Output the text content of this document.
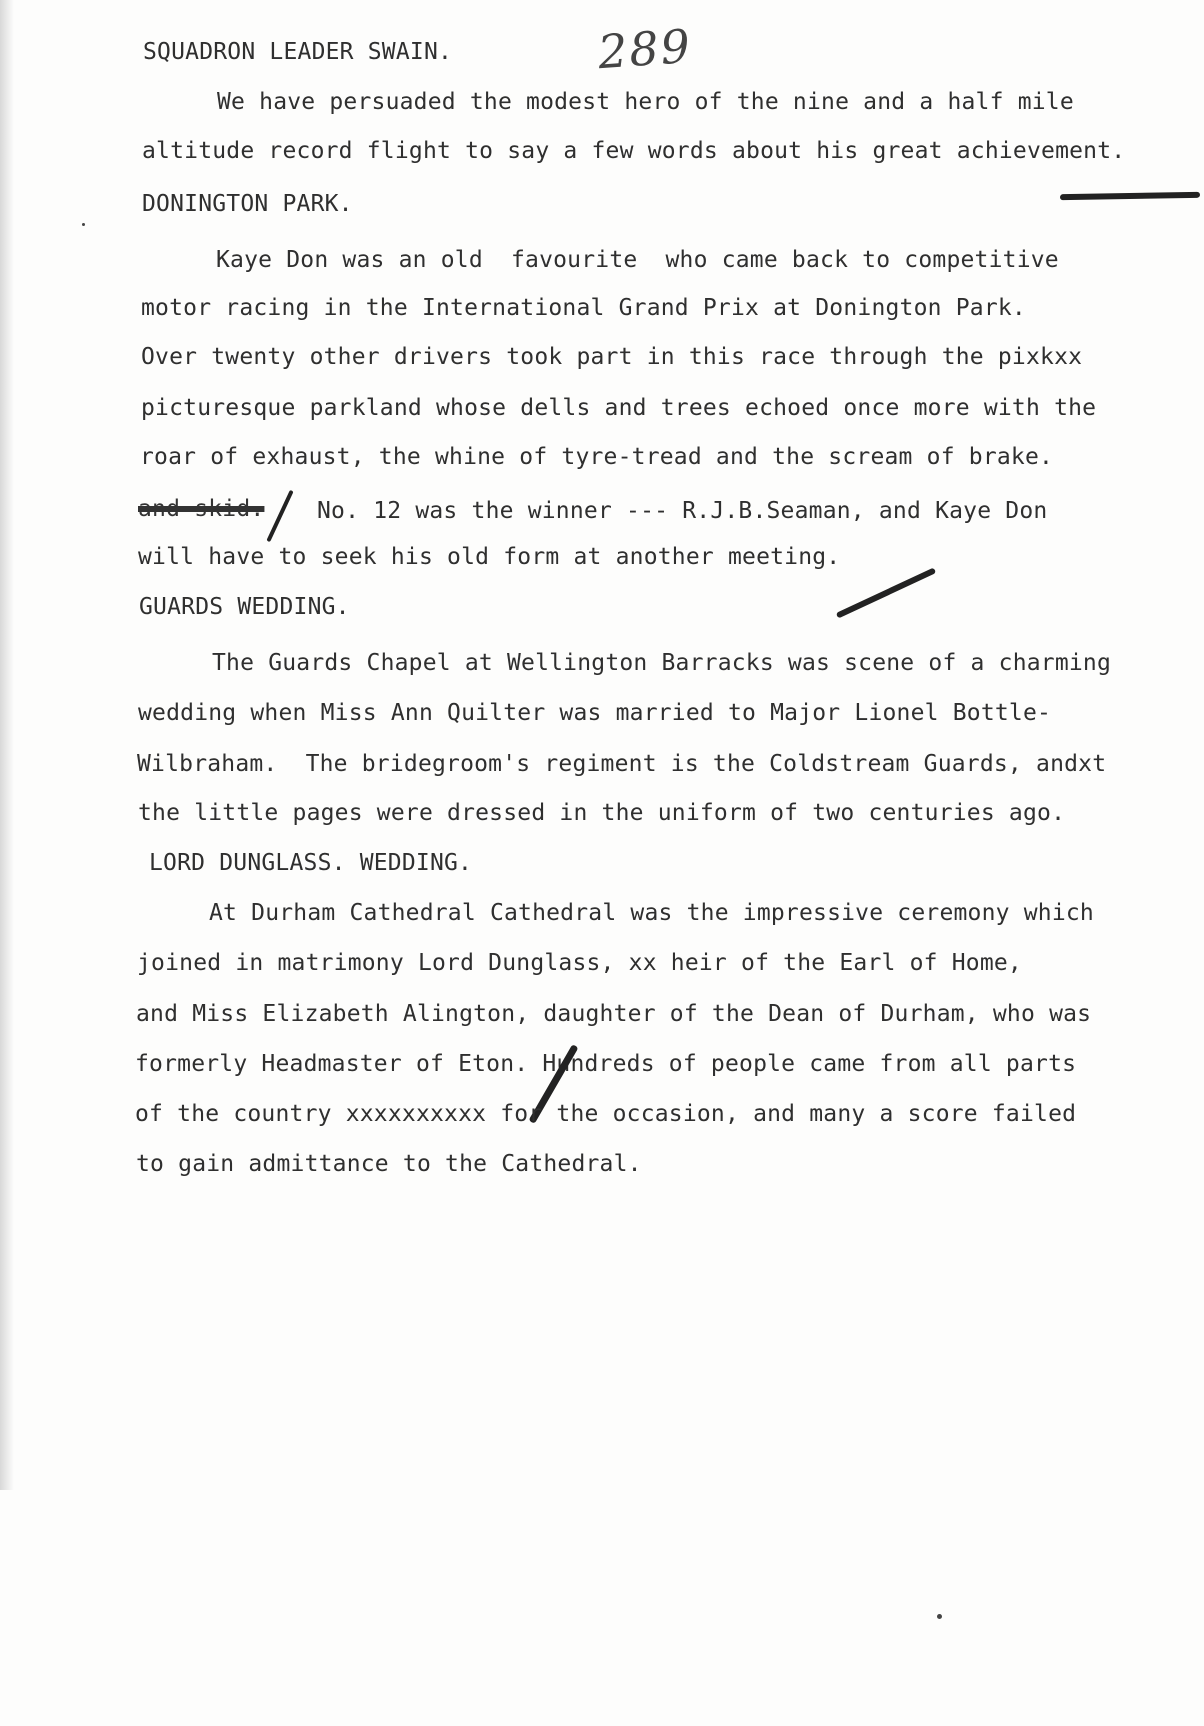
289
SQUADRON LEADER SWAIN.
We have persuaded the modest hero of the nine and a half mile
altitude record flight to say a few words about his great achievement.
DONINGTON PARK.
Kaye Don was an old  favourite  who came back to competitive
motor racing in the International Grand Prix at Donington Park.
Over twenty other drivers took part in this race through the pixkxx
picturesque parkland whose dells and trees echoed once more with the
roar of exhaust, the whine of tyre-tread and the scream of brake.
and skid. No. 12 was the winner --- R.J.B.Seaman, and Kaye Don
will have to seek his old form at another meeting.
GUARDS WEDDING.
The Guards Chapel at Wellington Barracks was scene of a charming
wedding when Miss Ann Quilter was married to Major Lionel Bottle-
Wilbraham.  The bridegroom's regiment is the Coldstream Guards, andxt
the little pages were dressed in the uniform of two centuries ago.
LORD DUNGLASS. WEDDING.
At Durham Cathedral Cathedral was the impressive ceremony which
joined in matrimony Lord Dunglass, xx heir of the Earl of Home,
and Miss Elizabeth Alington, daughter of the Dean of Durham, who was
formerly Headmaster of Eton. Hundreds of people came from all parts
of the country xxxxxxxxxx for the occasion, and many a score failed
to gain admittance to the Cathedral.
